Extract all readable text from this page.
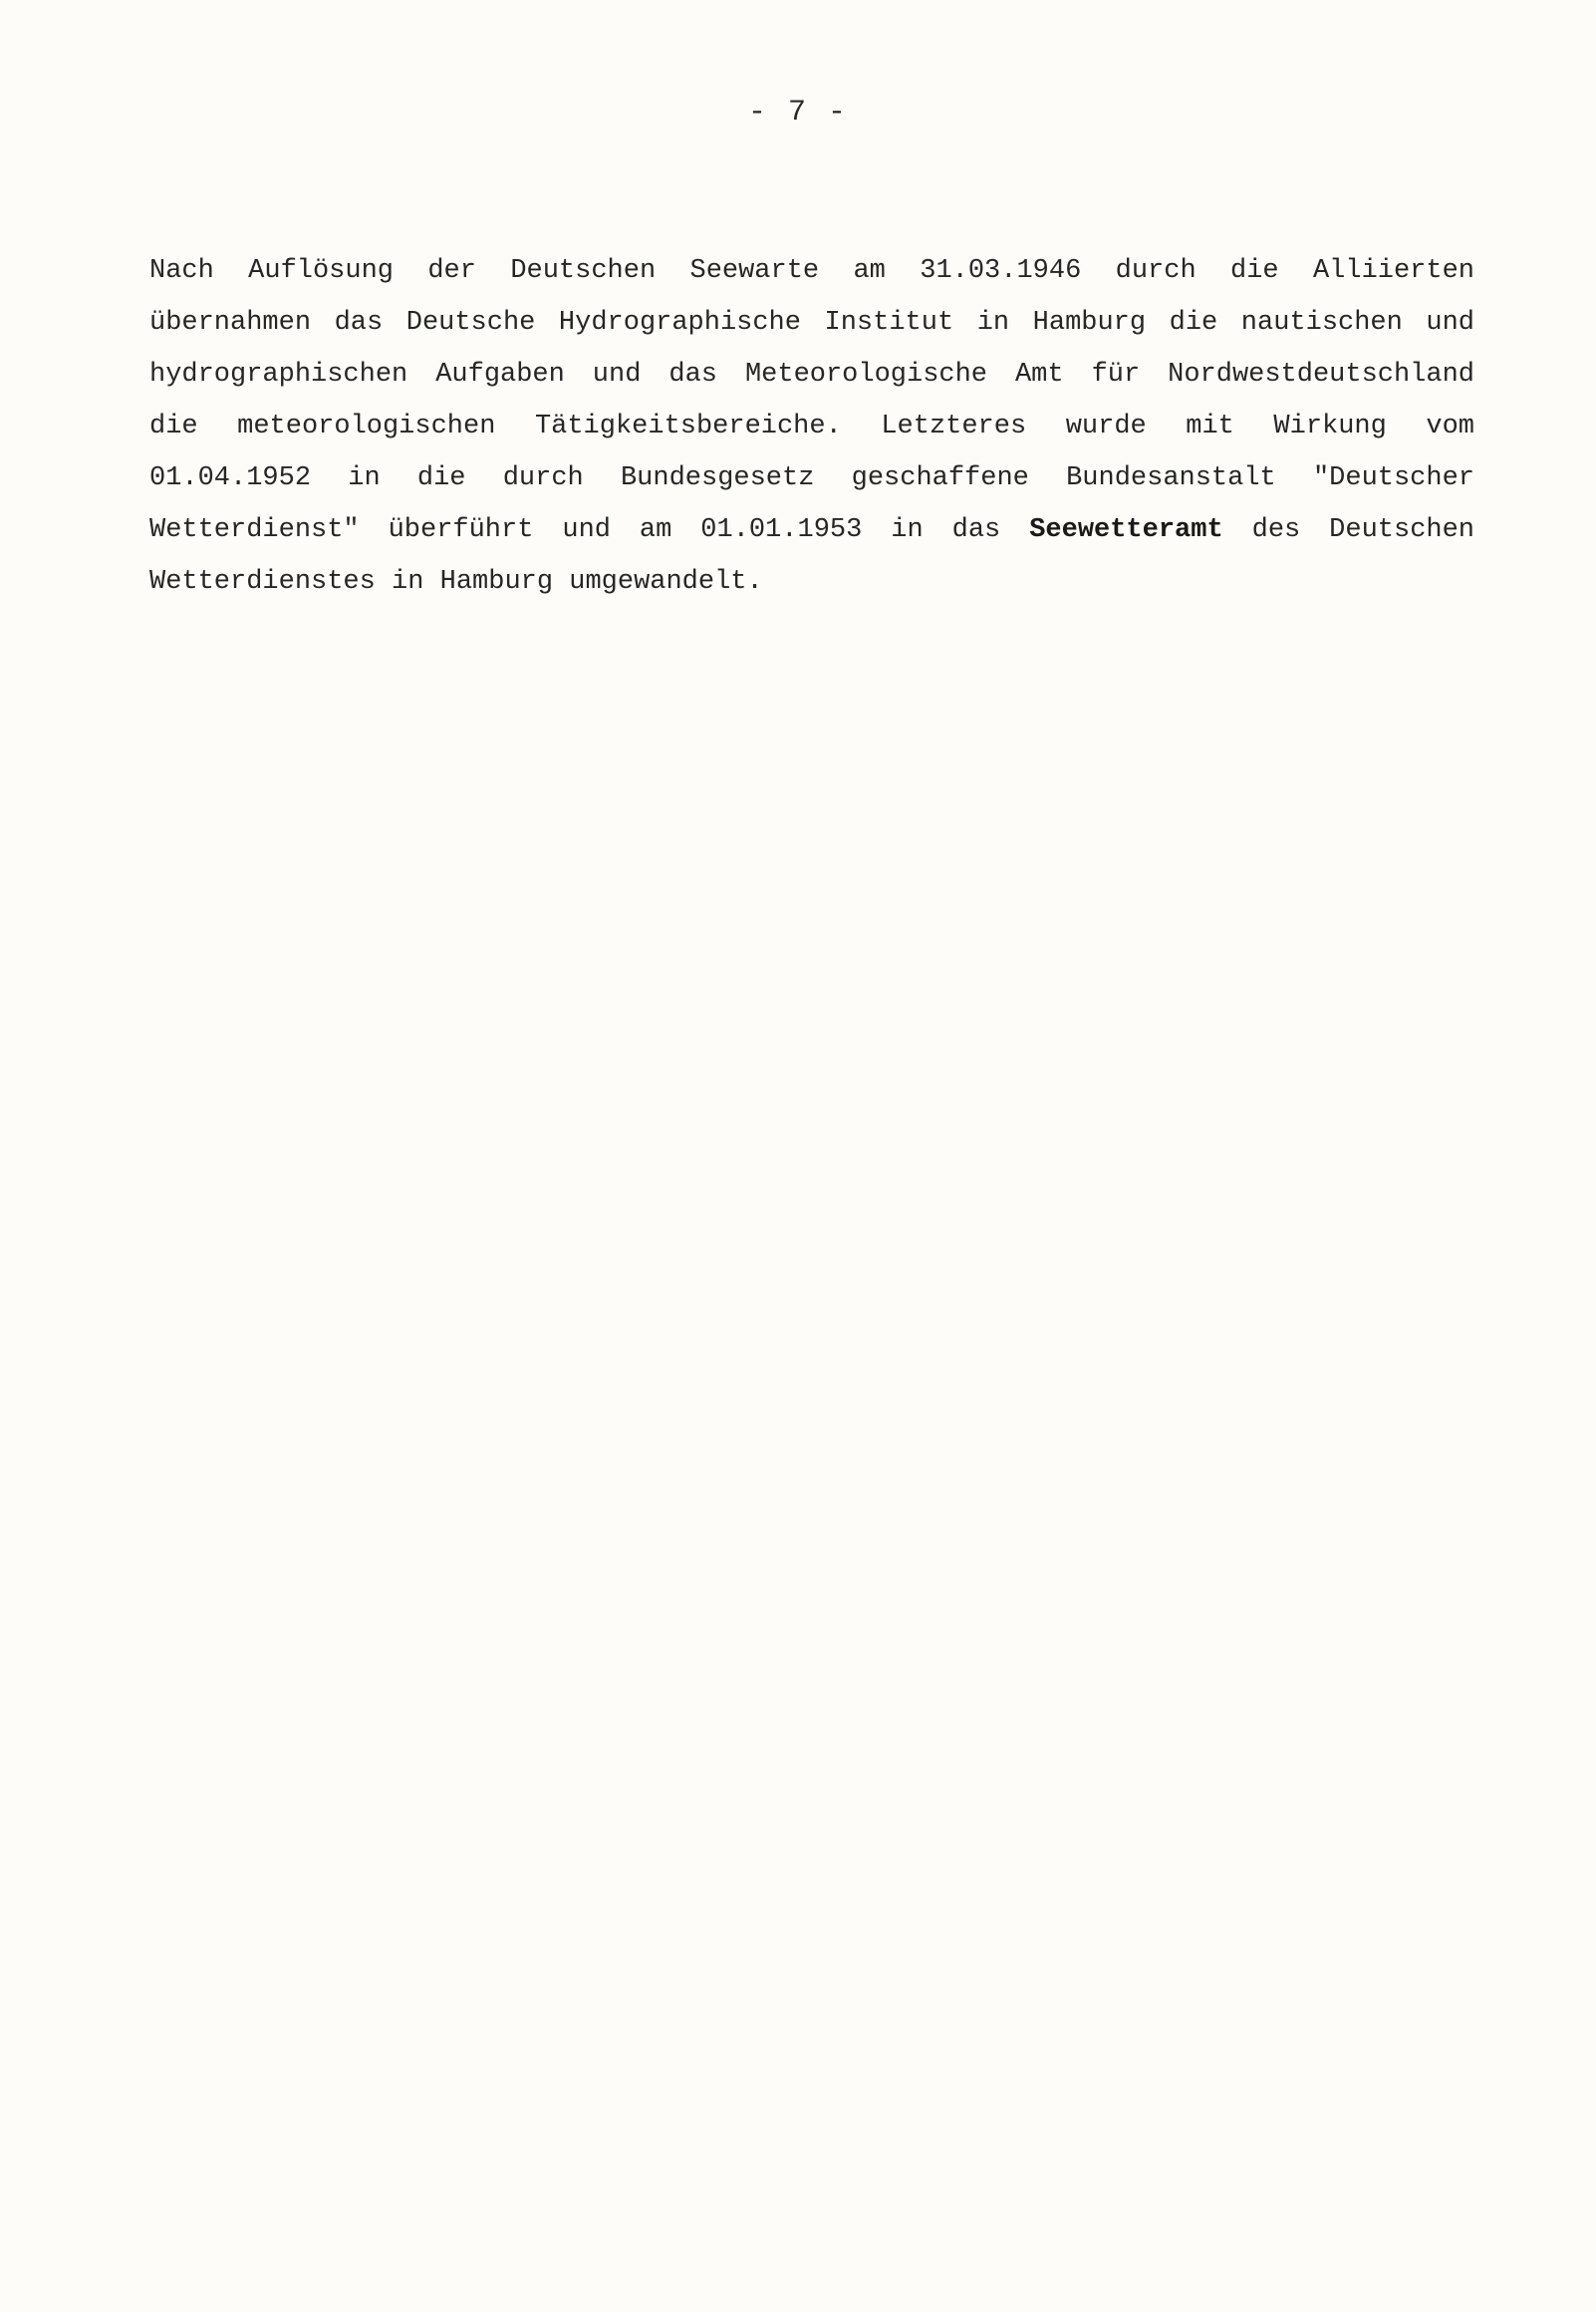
- 7 -
Nach Auflösung der Deutschen Seewarte am 31.03.1946 durch die Alliierten
übernahmen das Deutsche Hydrographische Institut in Hamburg die nautischen und
hydrographischen Aufgaben und das Meteorologische Amt für Nordwestdeutschland
die meteorologischen Tätigkeitsbereiche. Letzteres wurde mit Wirkung vom
01.04.1952 in die durch Bundesgesetz geschaffene Bundesanstalt "Deutscher
Wetterdienst" überführt und am 01.01.1953 in das Seewetteramt des Deutschen
Wetterdienstes in Hamburg umgewandelt.
